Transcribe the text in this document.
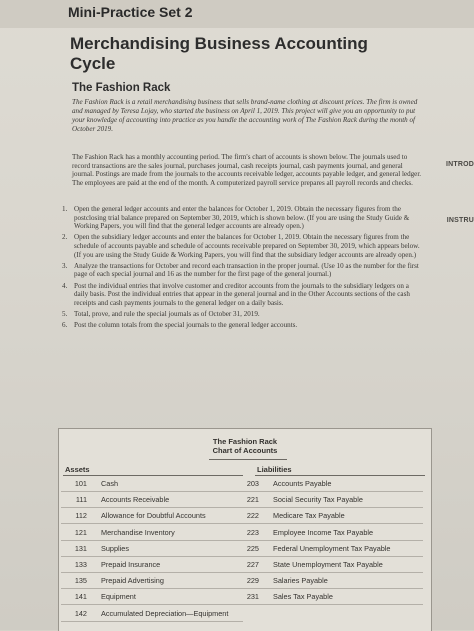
Mini-Practice Set 2
Merchandising Business Accounting Cycle
The Fashion Rack
The Fashion Rack is a retail merchandising business that sells brand-name clothing at discount prices. The firm is owned and managed by Teresa Lojay, who started the business on April 1, 2019. This project will give you an opportunity to put your knowledge of accounting into practice as you handle the accounting work of The Fashion Rack during the month of October 2019.
The Fashion Rack has a monthly accounting period. The firm's chart of accounts is shown below. The journals used to record transactions are the sales journal, purchases journal, cash receipts journal, cash payments journal, and general journal. Postings are made from the journals to the accounts receivable ledger, accounts payable ledger, and general ledger. The employees are paid at the end of the month. A computerized payroll service prepares all payroll records and checks.
INTROD
INSTRU
1. Open the general ledger accounts and enter the balances for October 1, 2019. Obtain the necessary figures from the postclosing trial balance prepared on September 30, 2019, which is shown below. (If you are using the Study Guide & Working Papers, you will find that the general ledger accounts are already open.)
2. Open the subsidiary ledger accounts and enter the balances for October 1, 2019. Obtain the necessary figures from the schedule of accounts payable and schedule of accounts receivable prepared on September 30, 2019, which appears below. (If you are using the Study Guide & Working Papers, you will find that the subsidiary ledger accounts are already open.)
3. Analyze the transactions for October and record each transaction in the proper journal. (Use 10 as the number for the first page of each special journal and 16 as the number for the first page of the general journal.)
4. Post the individual entries that involve customer and creditor accounts from the journals to the subsidiary ledgers on a daily basis. Post the individual entries that appear in the general journal and in the Other Accounts sections of the cash receipts and cash payments journals to the general ledger on a daily basis.
5. Total, prove, and rule the special journals as of October 31, 2019.
6. Post the column totals from the special journals to the general ledger accounts.
The Fashion Rack
Chart of Accounts
Assets	Liabilities
101 Cash
111 Accounts Receivable
112 Allowance for Doubtful Accounts
121 Merchandise Inventory
131 Supplies
133 Prepaid Insurance
135 Prepaid Advertising
141 Equipment
142 Accumulated Depreciation—Equipment
203 Accounts Payable
221 Social Security Tax Payable
222 Medicare Tax Payable
223 Employee Income Tax Payable
225 Federal Unemployment Tax Payable
227 State Unemployment Tax Payable
229 Salaries Payable
231 Sales Tax Payable
